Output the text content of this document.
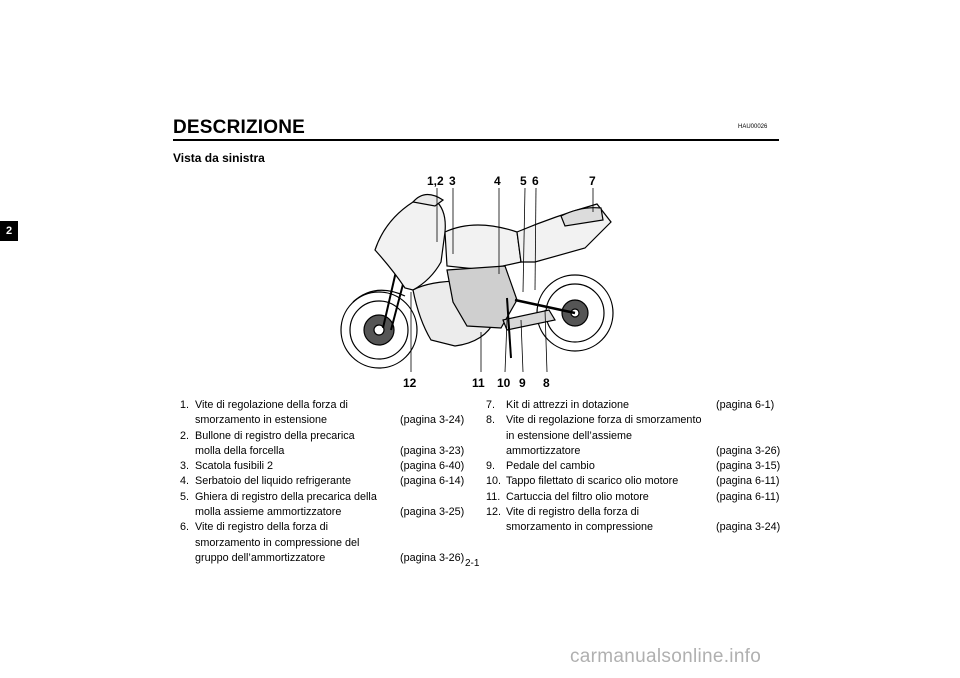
2
HAU00026
DESCRIZIONE
Vista da sinistra
1,2 3	4 5 6	7
12	11 10 9 8
1. Vite di regolazione della forza di
smorzamento in estensione	(pagina 3-24)
2. Bullone di registro della precarica
molla della forcella	(pagina 3-23)
3. Scatola fusibili 2	(pagina 6-40)
4. Serbatoio del liquido refrigerante	(pagina 6-14)
5. Ghiera di registro della precarica della
molla assieme ammortizzatore	(pagina 3-25)
6. Vite di registro della forza di
smorzamento in compressione del
gruppo dell’ammortizzatore	(pagina 3-26)
7.	Kit di attrezzi in dotazione	(pagina 6-1)
8.	Vite di regolazione forza di smorzamento
in estensione dell’assieme
ammortizzatore	(pagina 3-26)
9.	Pedale del cambio	(pagina 3-15)
10. Tappo filettato di scarico olio motore	(pagina 6-11)
11. Cartuccia del filtro olio motore	(pagina 6-11)
12. Vite di registro della forza di
smorzamento in compressione	(pagina 3-24)
2-1
carmanualsonline.info
